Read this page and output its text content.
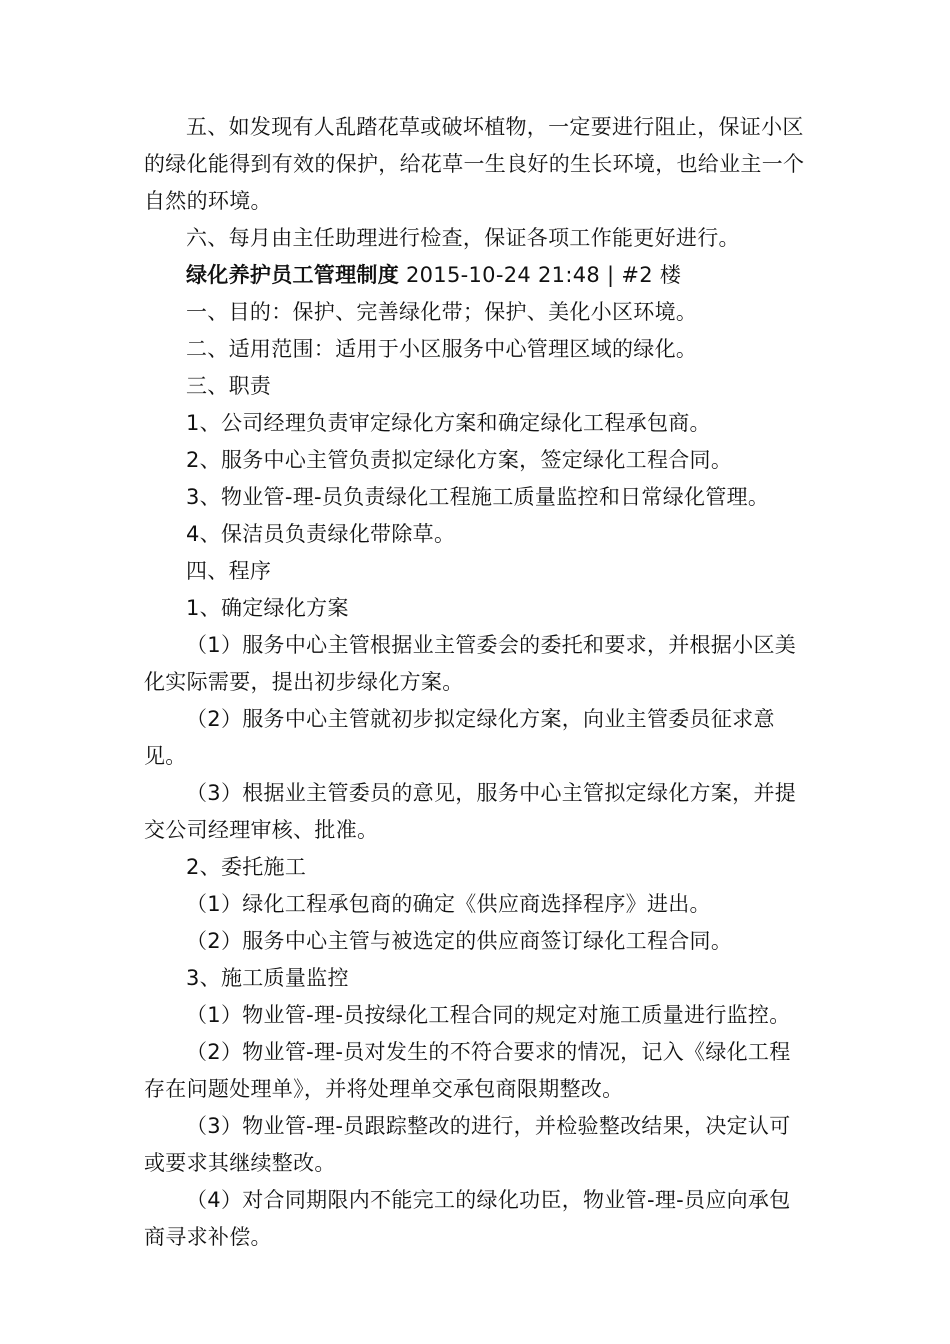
五、如发现有人乱踏花草或破坏植物，一定要进行阻止，保证小区的绿化能得到有效的保护，给花草一生良好的生长环境，也给业主一个自然的环境。

六、每月由主任助理进行检查，保证各项工作能更好进行。

绿化养护员工管理制度 2015-10-24 21:48 | #2 楼

一、目的：保护、完善绿化带；保护、美化小区环境。

二、适用范围：适用于小区服务中心管理区域的绿化。

三、职责

1、公司经理负责审定绿化方案和确定绿化工程承包商。

2、服务中心主管负责拟定绿化方案，签定绿化工程合同。

3、物业管-理-员负责绿化工程施工质量监控和日常绿化管理。

4、保洁员负责绿化带除草。

四、程序

1、确定绿化方案

（1）服务中心主管根据业主管委会的委托和要求，并根据小区美化实际需要，提出初步绿化方案。

（2）服务中心主管就初步拟定绿化方案，向业主管委员征求意见。

（3）根据业主管委员的意见，服务中心主管拟定绿化方案，并提交公司经理审核、批准。

2、委托施工

（1）绿化工程承包商的确定《供应商选择程序》进出。

（2）服务中心主管与被选定的供应商签订绿化工程合同。

3、施工质量监控

（1）物业管-理-员按绿化工程合同的规定对施工质量进行监控。

（2）物业管-理-员对发生的不符合要求的情况，记入《绿化工程存在问题处理单》，并将处理单交承包商限期整改。

（3）物业管-理-员跟踪整改的进行，并检验整改结果，决定认可或要求其继续整改。

（4）对合同期限内不能完工的绿化功臣，物业管-理-员应向承包商寻求补偿。
